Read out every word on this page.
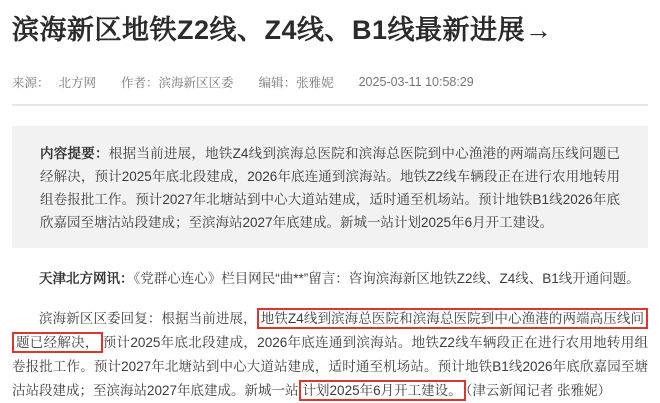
滨海新区地铁Z2线、Z4线、B1线最新进展→
来源： 北方网 作者：滨海新区区委 编辑：张雅妮 2025-03-11 10:58:29
内容提要：根据当前进展，地铁Z4线到滨海总医院和滨海总医院到中心渔港的两端高压线问题已经解决，预计2025年底北段建成，2026年底连通到滨海站。地铁Z2线车辆段正在进行农用地转用组卷报批工作。预计2027年北塘站到中心大道站建成，适时通至机场站。预计地铁B1线2026年底欣嘉园至塘沽站段建成；至滨海站2027年底建成。新城一站计划2025年6月开工建设。

天津北方网讯：《党群心连心》栏目网民“曲**”留言：咨询滨海新区地铁Z2线、Z4线、B1线开通问题。

滨海新区区委回复：根据当前进展， 地铁Z4线到滨海总医院和滨海总医院到中心渔港的两端高压线问题已经解决， 预计2025年底北段建成，2026年底连通到滨海站。地铁Z2线车辆段正在进行农用地转用组卷报批工作。预计2027年北塘站到中心大道站建成，适时通至机场站。预计地铁B1线2026年底欣嘉园至塘沽站段建成；至滨海站2027年底建成。新城一站 计划2025年6月开工建设。 （津云新闻记者 张雅妮）
